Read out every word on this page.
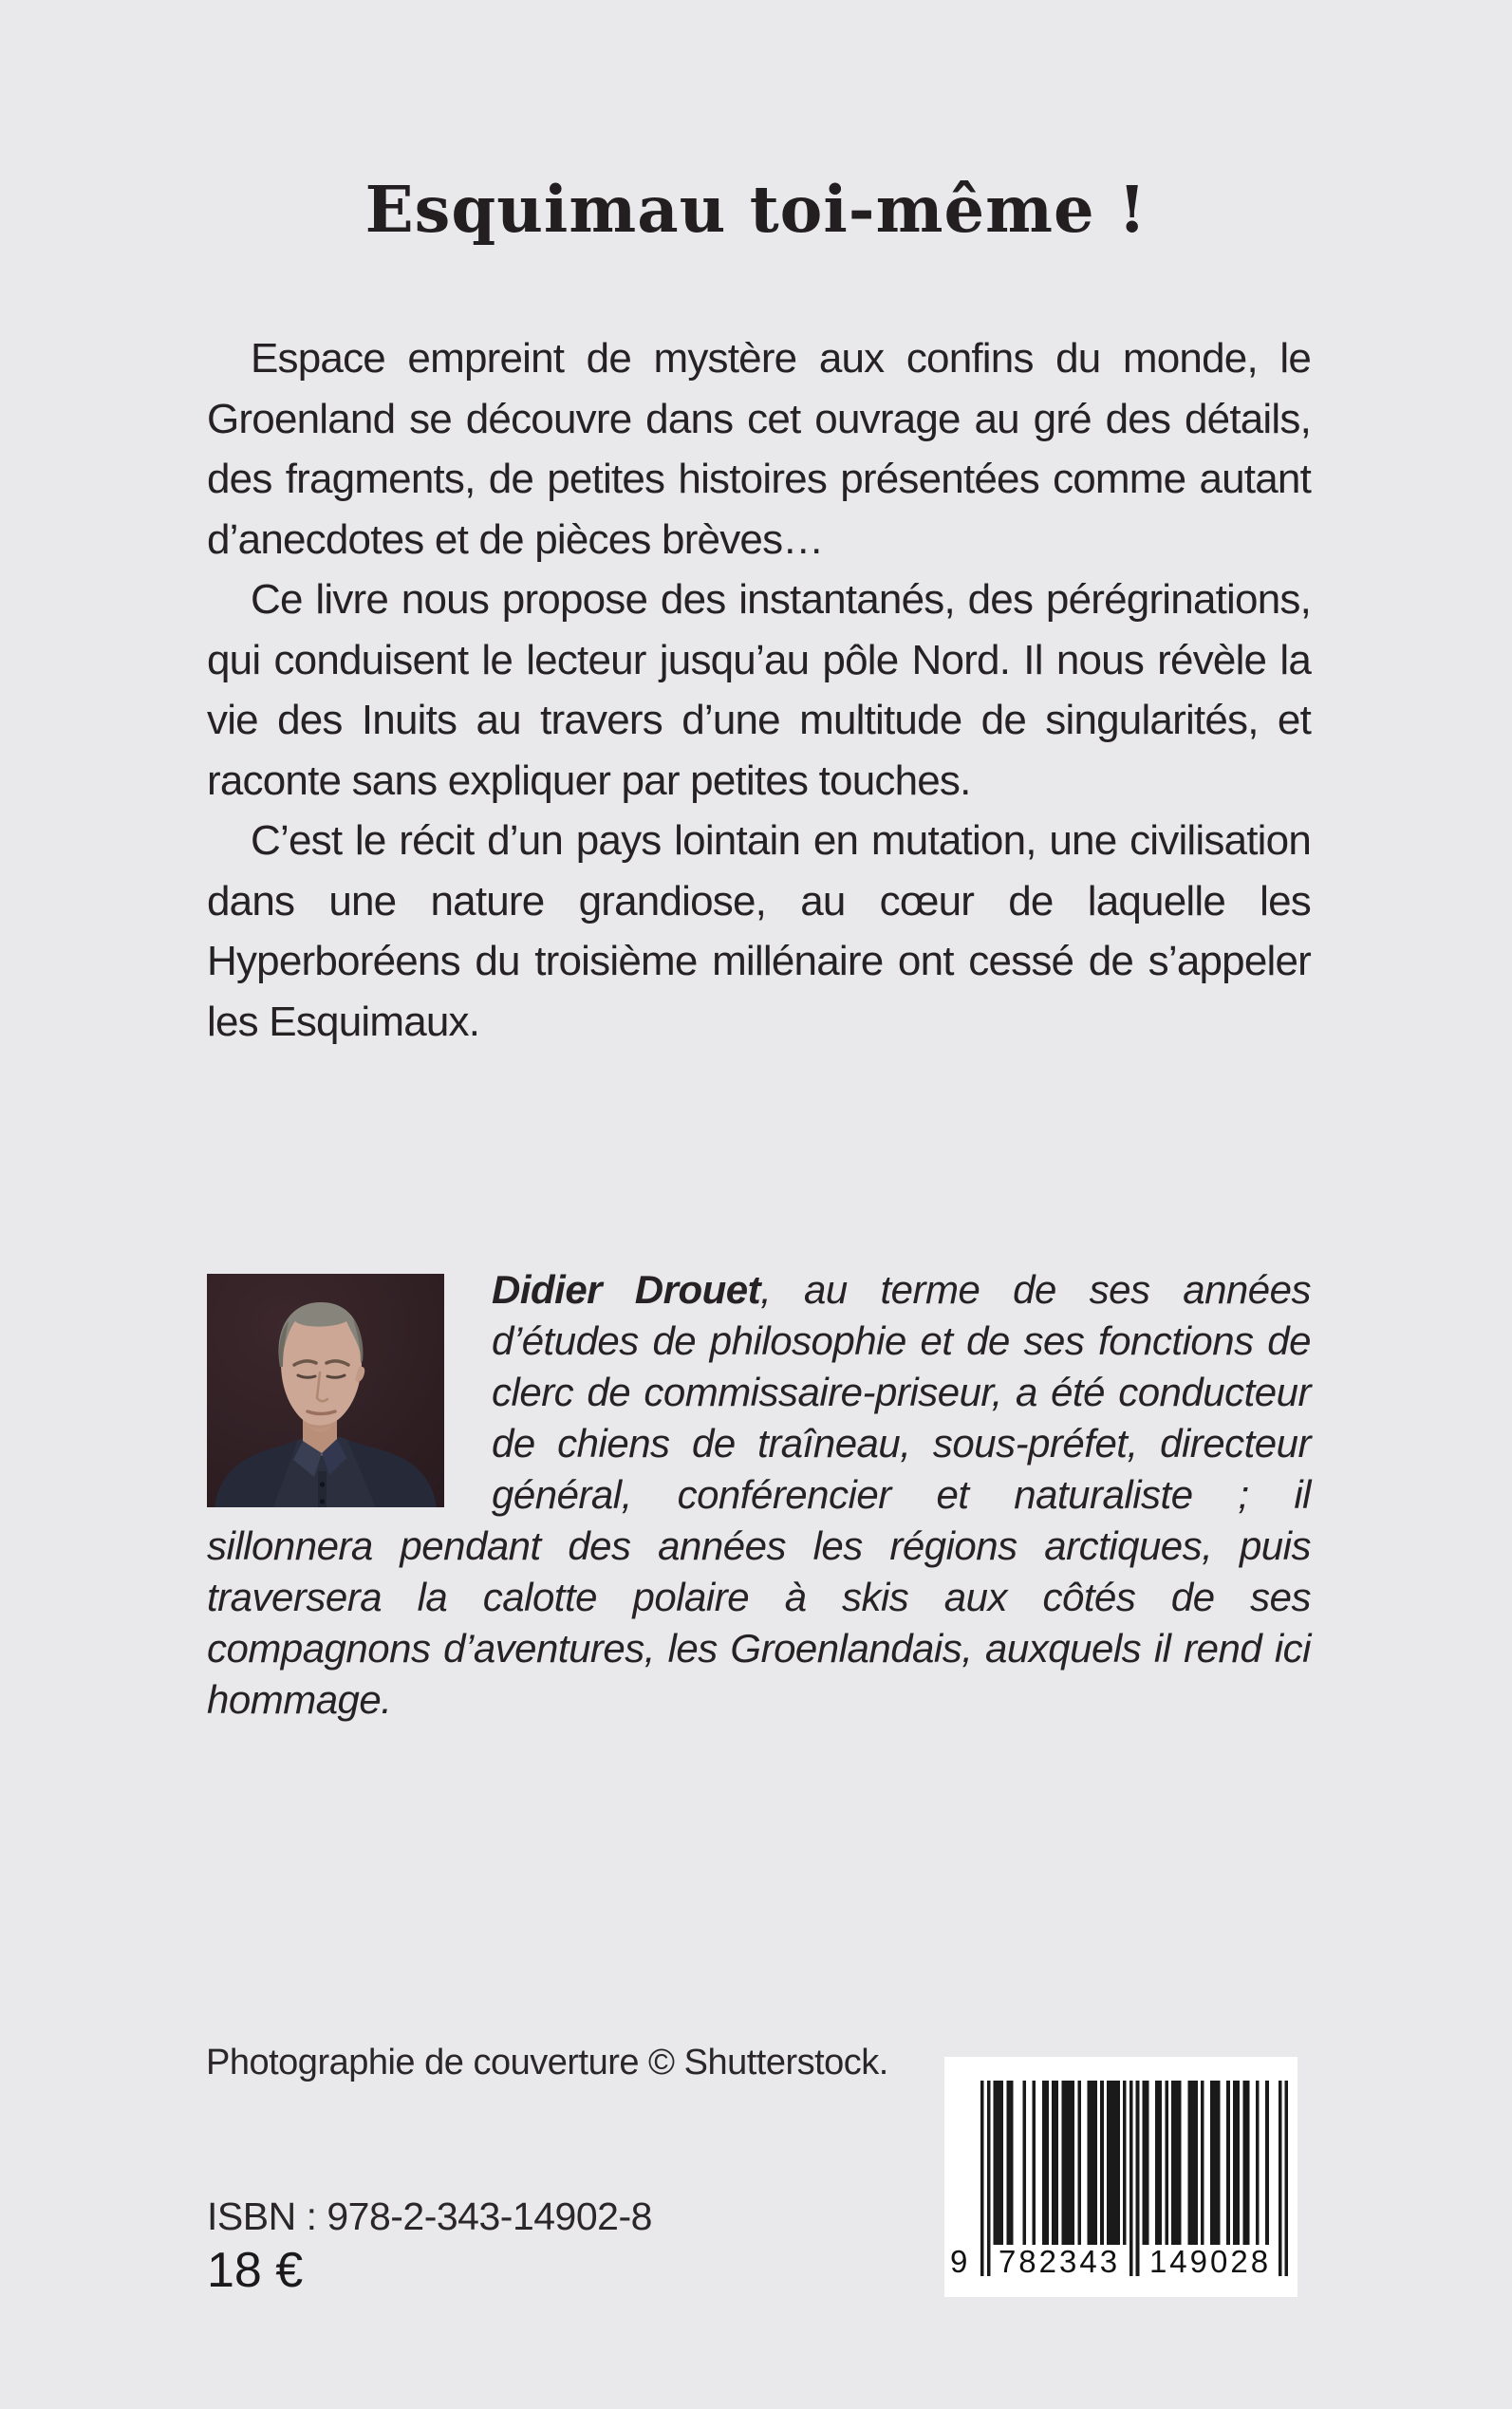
Esquimau toi-même !

Espace empreint de mystère aux confins du monde, le Groenland se découvre dans cet ouvrage au gré des détails, des fragments, de petites histoires présentées comme autant d’anecdotes et de pièces brèves…

Ce livre nous propose des instantanés, des pérégrinations, qui conduisent le lecteur jusqu’au pôle Nord. Il nous révèle la vie des Inuits au travers d’une multitude de singularités, et raconte sans expliquer par petites touches.

C’est le récit d’un pays lointain en mutation, une civilisation dans une nature grandiose, au cœur de laquelle les Hyperboréens du troisième millénaire ont cessé de s’appeler les Esquimaux.

Didier Drouet, au terme de ses années d’études de philosophie et de ses fonctions de clerc de commissaire-priseur, a été conducteur de chiens de traîneau, sous-préfet, directeur général, conférencier et naturaliste ; il sillonnera pendant des années les régions arctiques, puis traversera la calotte polaire à skis aux côtés de ses compagnons d’aventures, les Groenlandais, auxquels il rend ici hommage.

Photographie de couverture © Shutterstock.
9 782343 149028
ISBN : 978-2-343-14902-8
18 €
